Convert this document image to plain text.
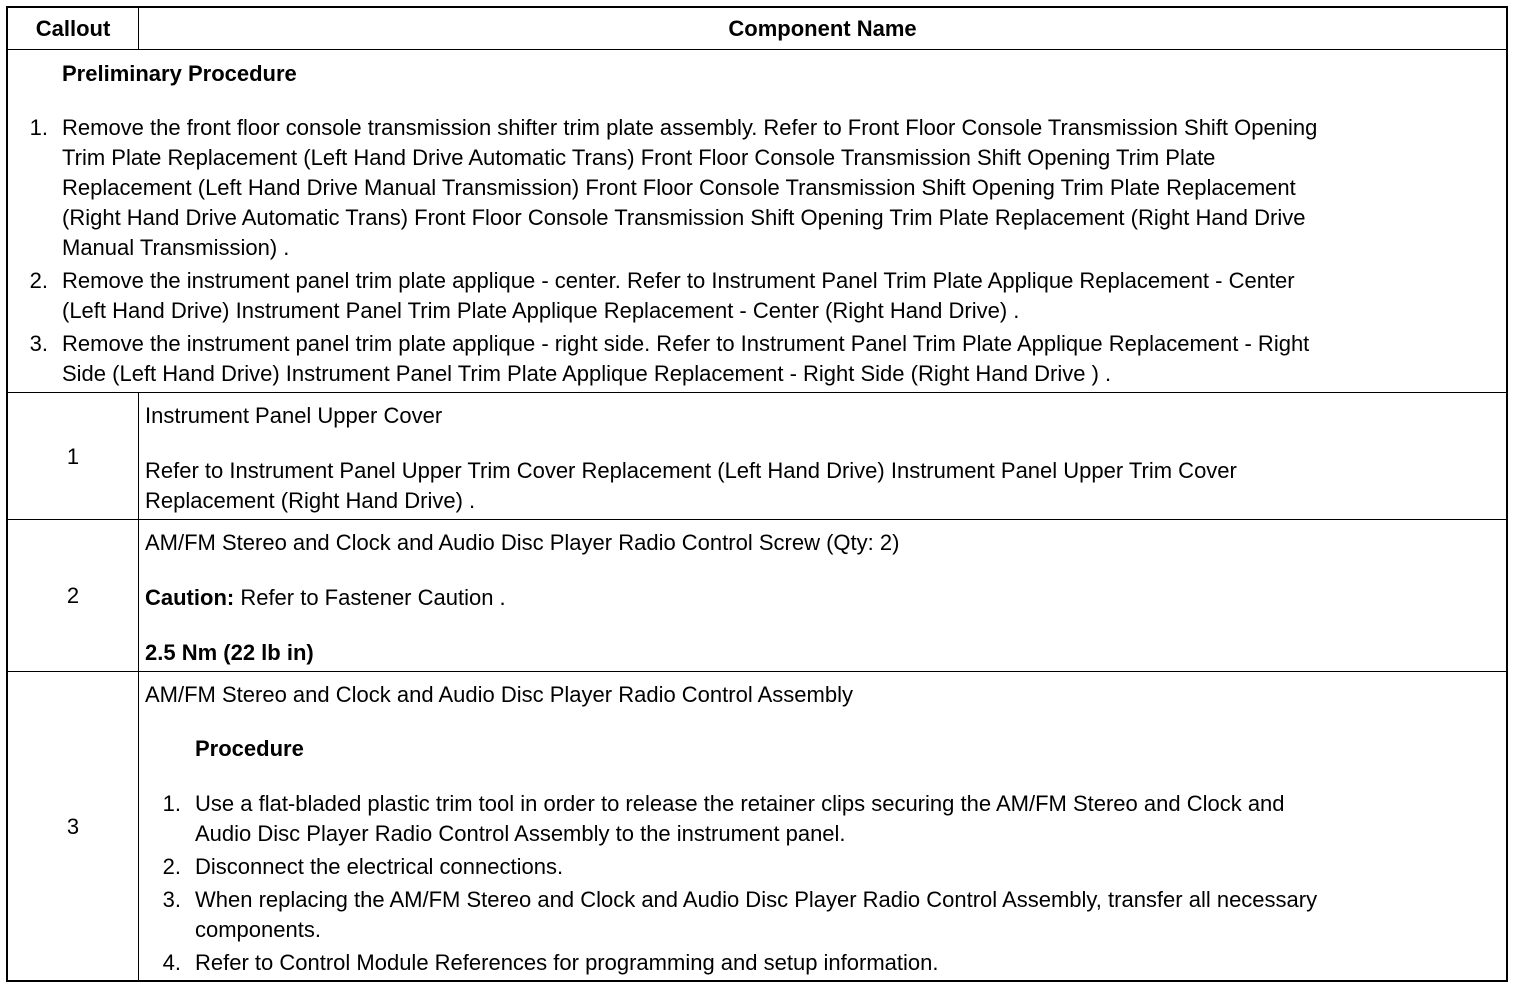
Callout	Component Name
Preliminary Procedure
1. Remove the front floor console transmission shifter trim plate assembly. Refer to Front Floor Console Transmission Shift Opening
Trim Plate Replacement (Left Hand Drive Automatic Trans) Front Floor Console Transmission Shift Opening Trim Plate
Replacement (Left Hand Drive Manual Transmission) Front Floor Console Transmission Shift Opening Trim Plate Replacement
(Right Hand Drive Automatic Trans) Front Floor Console Transmission Shift Opening Trim Plate Replacement (Right Hand Drive
Manual Transmission) .
2. Remove the instrument panel trim plate applique - center. Refer to Instrument Panel Trim Plate Applique Replacement - Center
(Left Hand Drive) Instrument Panel Trim Plate Applique Replacement - Center (Right Hand Drive) .
3. Remove the instrument panel trim plate applique - right side. Refer to Instrument Panel Trim Plate Applique Replacement - Right
Side (Left Hand Drive) Instrument Panel Trim Plate Applique Replacement - Right Side (Right Hand Drive ) .
1
Instrument Panel Upper Cover
Refer to Instrument Panel Upper Trim Cover Replacement (Left Hand Drive) Instrument Panel Upper Trim Cover
Replacement (Right Hand Drive) .
2
AM/FM Stereo and Clock and Audio Disc Player Radio Control Screw (Qty: 2)
Caution: Refer to Fastener Caution .
2.5 Nm (22 lb in)
3
AM/FM Stereo and Clock and Audio Disc Player Radio Control Assembly
Procedure
1. Use a flat-bladed plastic trim tool in order to release the retainer clips securing the AM/FM Stereo and Clock and
Audio Disc Player Radio Control Assembly to the instrument panel.
2. Disconnect the electrical connections.
3. When replacing the AM/FM Stereo and Clock and Audio Disc Player Radio Control Assembly, transfer all necessary
components.
4. Refer to Control Module References for programming and setup information.
